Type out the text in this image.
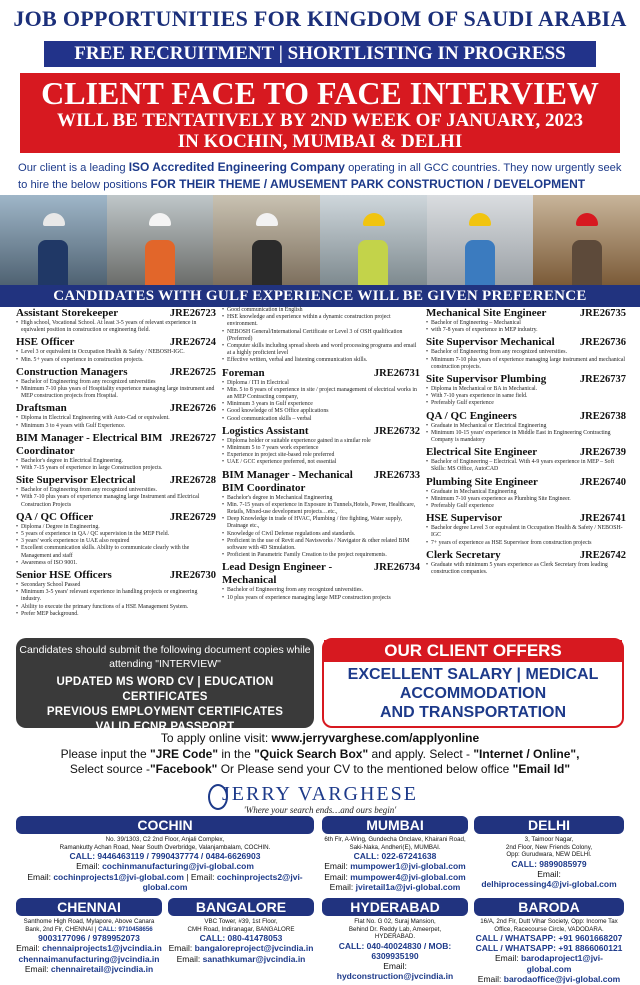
JOB OPPORTUNITIES FOR KINGDOM OF SAUDI ARABIA
FREE RECRUITMENT | SHORTLISTING IN PROGRESS
CLIENT FACE TO FACE INTERVIEW
WILL BE TENTATIVELY BY 2ND WEEK OF JANUARY, 2023
IN KOCHIN, MUMBAI & DELHI
Our client is a leading ISO Accredited Engineering Company operating in all GCC countries. They now urgently seek to hire the below positions FOR THEIR THEME / AMUSEMENT PARK CONSTRUCTION / DEVELOPMENT
CANDIDATES WITH GULF EXPERIENCE WILL BE GIVEN PREFERENCE
Assistant Storekeeper	JRE26723
• High school, Vocational School. At least 3-5 years of relevant experience in equivalent position in construction or engineering field.
HSE Officer	JRE26724
• Level 3 or equivalent in Occupation Health & Safety / NEBOSH-IGC.
• Min. 5+ years of experience in construction projects.
Construction Managers	JRE26725
• Bachelor of Engineering from any recognized universities
• Minimum 7-10 plus years of Hospitality experience managing large instrument and MEP construction projects from Hospital.
Draftsman	JRE26726
• Diploma in Electrical Engineering with Auto-Cad or equivalent.
• Minimum 3 to 4 years with Gulf Experience.
BIM Manager - Electrical BIM Coordinator
JRE26727
• Bachelor's degree in Electrical Engineering.
• With 7-15 years of experience in large Construction projects.
Site Supervisor Electrical	JRE26728
• Bachelor of Engineering from any recognized universities.
• With 7-10 plus years of experience managing large Instrument and Electrical Construction Projects
QA / QC Officer	JRE26729
• Diploma / Degree in Engineering.
• 5 years of experience in QA / QC supervision in the MEP Field.
• 3 years' work experience in UAE also required
• Excellent communication skills. Ability to communicate clearly with the Management and staff
• Awareness of ISO 9001.
Senior HSE Officers	JRE26730
• Secondary School Passed
• Minimum 3-5 years' relevant experience in handling projects or engineering industry.
• Ability to execute the primary functions of a HSE Management System.
• Prefer MEP background.
• Good communication in English
• HSE knowledge and experience within a dynamic construction project environment.
• NEBOSH General/International Certificate or Level 3 of OSH qualification (Preferred)
• Computer skills including spread sheets and word processing programs and email at a highly proficient level
• Effective written, verbal and listening communication skills.
Foreman	JRE26731
• Diploma / ITI in Electrical
• Min. 5 to 8 years of experience in site / project management of electrical works in an MEP Contracting company,
• Minimum 3 years in Gulf experience
• Good knowledge of MS Office applications
• Good communication skills – verbal
Logistics Assistant	JRE26732
• Diploma holder or suitable experience gained in a similar role
• Minimum 5 to 7 years work experience
• Experience in project site-based role preferred
• UAE / GCC experience preferred, not essential
BIM Manager - Mechanical BIM Coordinator
JRE26733
• Bachelor's degree in Mechanical Engineering
• Min. 7-15 years of experience in Exposure in Tunnels,Hotels, Power, Healthcare, Retails, Mixed-use development projects…etc.,
• Deep Knowledge in trade of HVAC, Plumbing / fire fighting, Water supply, Drainage etc.,
• Knowledge of Civil Defense regulations and standards.
• Proficient in the use of Revit and Navisworks / Navigator & other related BIM software with 4D Simulation.
• Proficient in Parametric Family Creation to the project requirements.
Lead Design Engineer - Mechanical
JRE26734
• Bachelor of Engineering from any recognized universities.
• 10 plus years of experience managing large MEP construction projects
Mechanical Site Engineer	JRE26735
• Bachelor of Engineering – Mechanical
• with 7-8 years of experience in MEP industry.
Site Supervisor Mechanical JRE26736
• Bachelor of Engineering from any recognized universities.
• Minimum 7-10 plus years of experience managing large instrument and mechanical construction projects.
Site Supervisor Plumbing	JRE26737
• Diploma in Mechanical or BA in Mechanical.
• With 7-10 years experience in same field.
• Preferably Gulf experience
QA / QC Engineers	JRE26738
• Graduate in Mechanical or Electrical Engineering
• Minimum 10-15 years' experience in Middle East in Engineering Contracting Company is mandatory
Electrical Site Engineer	JRE26739
• Bachelor of Engineering – Electrical. With 4-9 years experience in MEP – Soft Skills: MS Office, AutoCAD
Plumbing Site Engineer	JRE26740
• Graduate in Mechanical Engineering
• Minimum 7-10 years experience as Plumbing Site Engineer.
• Preferably Gulf experience
HSE Supervisor	JRE26741
• Bachelor degree Level 3 or equivalent in Occupation Health & Safety / NEBOSH-IGC
• 7+ years of experience as HSE Supervisor from construction projects
Clerk Secretary	JRE26742
• Graduate with minimum 5 years experience as Clerk Secretary from leading construction companies.
Candidates should submit the following document copies while attending "INTERVIEW"
UPDATED MS WORD CV | EDUCATION CERTIFICATES
PREVIOUS EMPLOYMENT CERTIFICATES
VALID ECNR PASSPORT
OUR CLIENT OFFERS
EXCELLENT SALARY | MEDICAL
ACCOMMODATION
AND TRANSPORTATION
To apply online visit: www.jerryvarghese.com/applyonline
Please input the "JRE Code" in the "Quick Search Box" and apply. Select - "Internet / Online",
Select source -"Facebook" Or Please send your CV to the mentioned below office "Email Id"
JERRY VARGHESE
'Where your search ends…and ours begin'
COCHIN
No. 39/1303, C2 2nd Floor, Anjali Complex,
Ramankutty Achan Road, Near South Overbridge, Valanjambalam, COCHIN.
CALL: 9446463119 / 7990437774 / 0484-6626903
Email: cochinmanufacturing@jvi-global.com
Email: cochinprojects1@jvi-global.com | Email: cochinprojects2@jvi-global.com
MUMBAI
6th Flr, A-Wing, Gundecha Onclave, Khairani Road,
Saki-Naka, Andheri(E), MUMBAI.
CALL: 022-67241638
Email: mumpower1@jvi-global.com
Email: mumpower4@jvi-global.com
Email: jviretail1a@jvi-global.com
DELHI
3, Taimoor Nagar,
2nd Floor, New Friends Colony,
Opp: Gurudwara, NEW DELHI.
CALL: 9899085979
Email:
delhiprocessing4@jvi-global.com
CHENNAI
Santhome High Road, Mylapore, Above Canara
Bank, 2nd Flr, CHENNAI | CALL: 9710458656
9003177096 / 9789952073
Email: chennaiprojects1@jvcindia.in
chennaimanufacturing@jvcindia.in
Email: chennairetail@jvcindia.in
BANGALORE
VBC Tower, #39, 1st Floor,
CMH Road, Indiranagar, BANGALORE
CALL: 080-41478053
Email: bangaloreproject@jvcindia.in
Email: sanathkumar@jvcindia.in
HYDERABAD
Flat No. G 02, Suraj Mansion,
Behind Dr. Reddy Lab, Ameerpet,
HYDERABAD.
CALL: 040-40024830 / MOB: 6309935190
Email:
hydconstruction@jvcindia.in
BARODA
16/A, 2nd Flr, Dutt Vihar Society, Opp: Income Tax
Office, Racecourse Circle, VADODARA.
CALL / WHATSAPP: +91 9601668207
CALL / WHATSAPP: +91 8866060121
Email: barodaproject1@jvi-global.com
Email: barodaoffice@jvi-global.com
